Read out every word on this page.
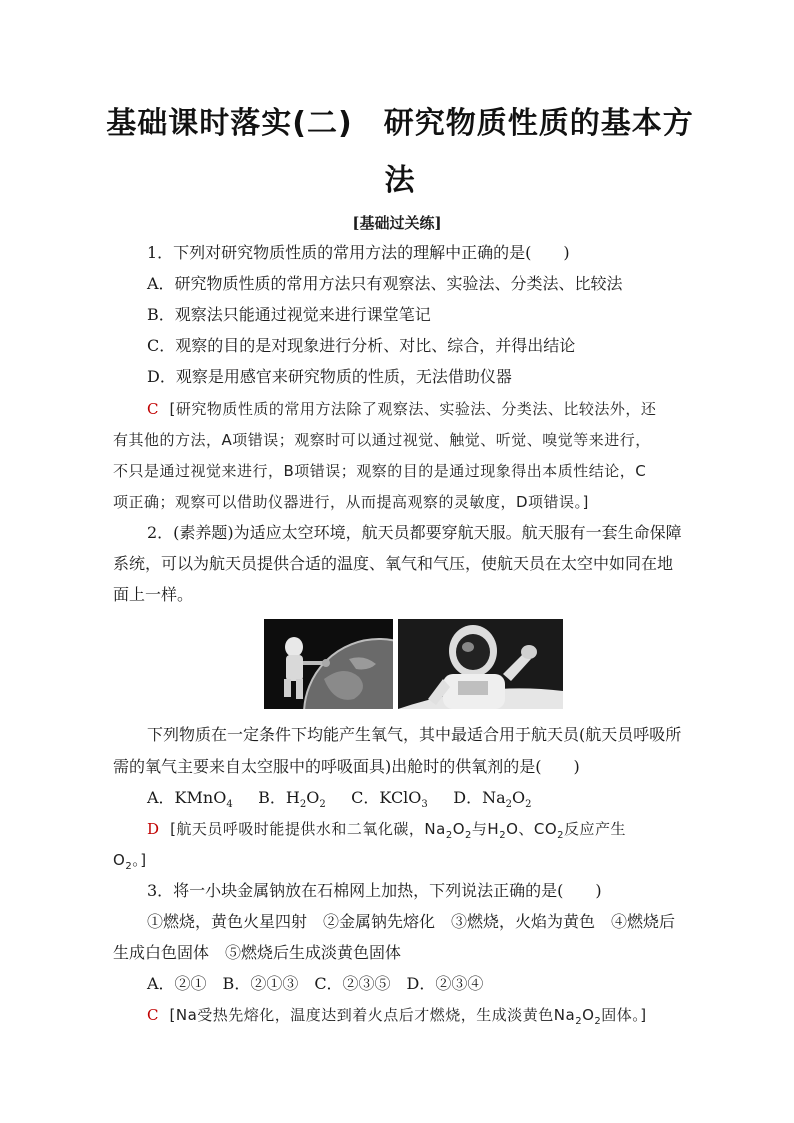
基础课时落实(二)　研究物质性质的基本方
法
[基础过关练]
1．下列对研究物质性质的常用方法的理解中正确的是(　　)
A．研究物质性质的常用方法只有观察法、实验法、分类法、比较法
B．观察法只能通过视觉来进行课堂笔记
C．观察的目的是对现象进行分析、对比、综合，并得出结论
D．观察是用感官来研究物质的性质，无法借助仪器
C [研究物质性质的常用方法除了观察法、实验法、分类法、比较法外，还
有其他的方法，A项错误；观察时可以通过视觉、触觉、听觉、嗅觉等来进行，
不只是通过视觉来进行，B项错误；观察的目的是通过现象得出本质性结论，C
项正确；观察可以借助仪器进行，从而提高观察的灵敏度，D项错误。]
2．(素养题)为适应太空环境，航天员都要穿航天服。航天服有一套生命保障
系统，可以为航天员提供合适的温度、氧气和气压，使航天员在太空中如同在地
面上一样。
下列物质在一定条件下均能产生氧气，其中最适合用于航天员(航天员呼吸所
需的氧气主要来自太空服中的呼吸面具)出舱时的供氧剂的是(　　)

A．KMnO$_4$ B．$H_2O_2$ C．KClO$_3$ D．$Na_2O_2$
D [航天员呼吸时能提供水和二氧化碳，$Na_2O_2$与$H_2O$、$CO_2$反应产生
$O_2$。]
3．将一小块金属钠放在石棉网上加热，下列说法正确的是(　　)
①燃烧，黄色火星四射　②金属钠先熔化　③燃烧，火焰为黄色　④燃烧后
生成白色固体　⑤燃烧后生成淡黄色固体
A．②①　B．②①③　C．②③⑤　D．②③④
C [Na受热先熔化，温度达到着火点后才燃烧，生成淡黄色$Na_2O_2$固体。]
